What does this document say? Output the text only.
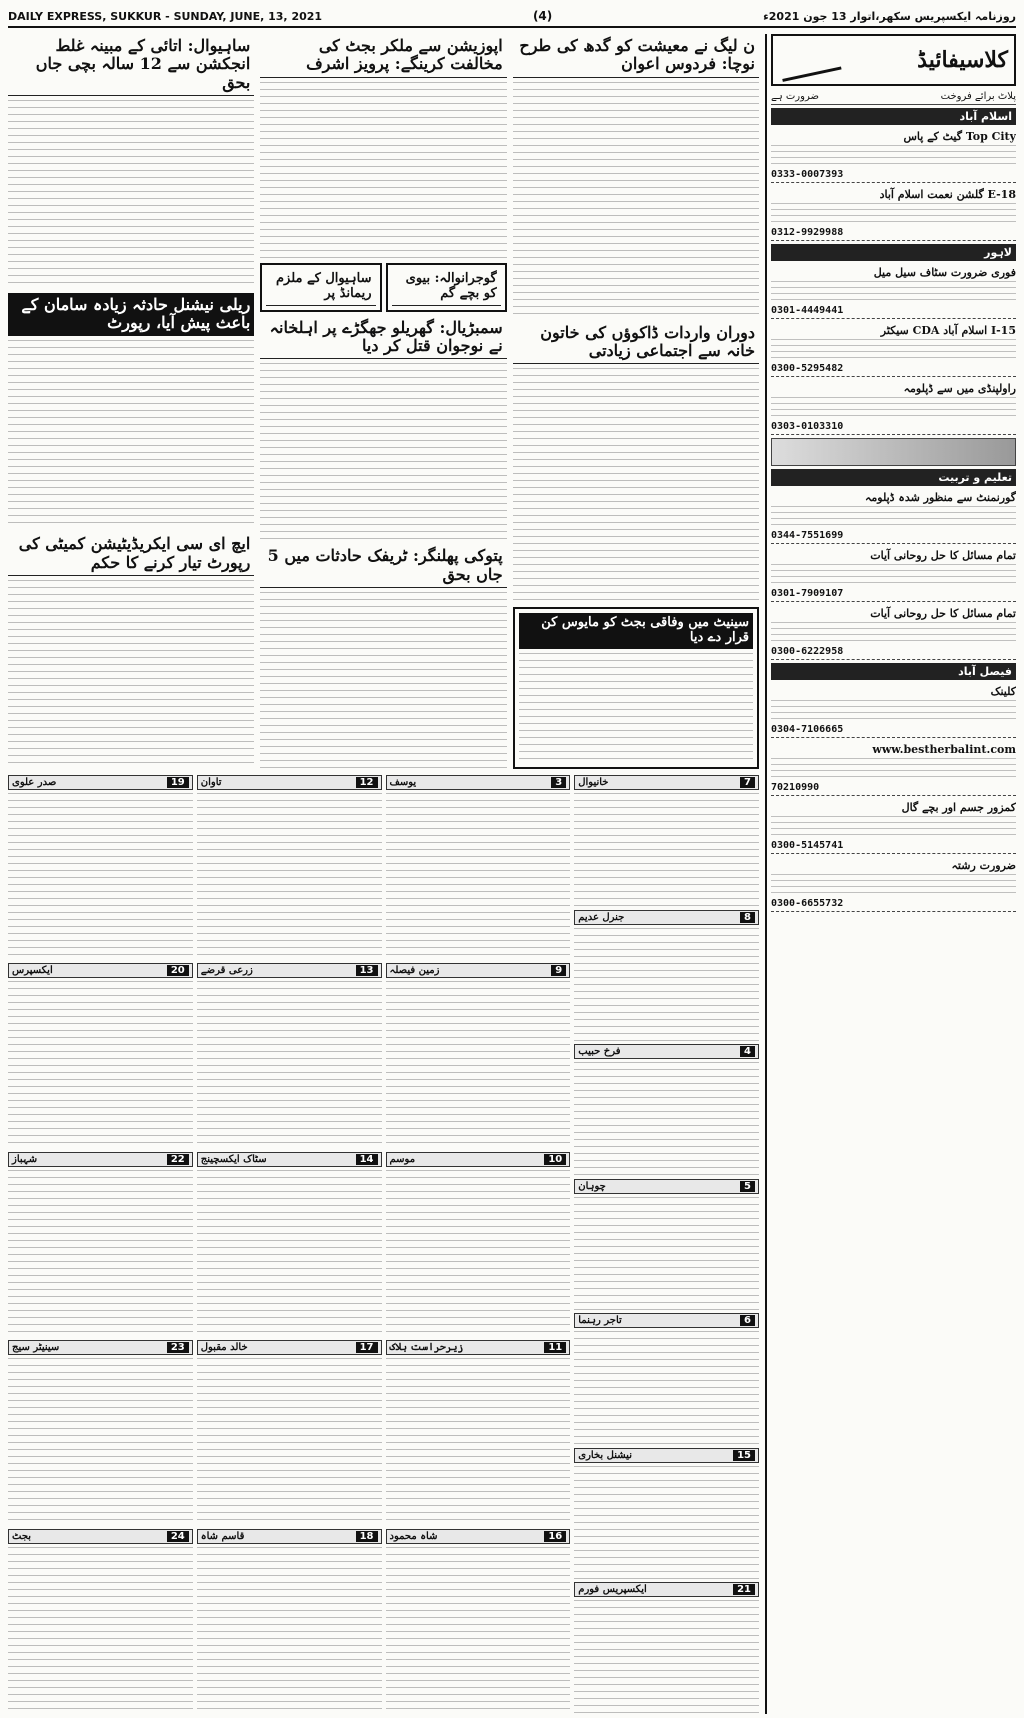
DAILY EXPRESS, SUKKUR - SUNDAY, JUNE, 13, 2021	(4)	روزنامہ ایکسپریس سکھر،اتوار 13 جون 2021ء
ساہیوال: اتائی کے مبینہ غلط انجکشن سے 12 سالہ بچی جاں بحق
ریلی نیشنل حادثہ زیادہ سامان کے باعث پیش آیا، رپورٹ
ایچ ای سی ایکریڈیٹیشن کمیٹی کی رپورٹ تیار کرنے کا حکم
اپوزیشن سے ملکر بجٹ کی مخالفت کرینگے: پرویز اشرف
ساہیوال کے ملزم ریمانڈ پر
گوجرانوالہ: بیوی کو بچے گم
سمبڑیال: گھریلو جھگڑے پر اہلخانہ نے نوجوان قتل کر دیا
پتوکی پھلنگر: ٹریفک حادثات میں 5 جاں بحق
ن لیگ نے معیشت کو گدھ کی طرح نوچا: فردوس اعوان
دوران واردات ڈاکوؤں کی خاتون خانہ سے اجتماعی زیادتی
سینیٹ میں وفاقی بجٹ کو مایوس کن قرار دے دیا
19
صدر علوی
20
ایکسپرس
22
شہباز
23
سینیٹر سیج
24
بجٹ
12
تاوان
13
زرعی قرضے
14
سٹاک ایکسچینج
17
خالد مقبول
18
قاسم شاہ
3
یوسف
9
زمین فیصلہ
10
موسم
11
زیرحراست ہلاک
16
شاہ محمود
7
خانیوال
8
جنرل عدیم
4
فرخ حبیب
5
چوہان
6
تاجر رہنما
15
نیشنل بخاری
21
ایکسپریس فورم
کلاسیفائیڈ
پلاٹ برائے فروخت
ضرورت ہے
اسلام آباد
Top City گیٹ کے پاس
0333-0007393
E-18 گلشن نعمت اسلام آباد
0312-9929988
لاہور
فوری ضرورت سٹاف سیل میل
0301-4449441
I-15 اسلام آباد CDA سیکٹر
0300-5295482
راولپنڈی میں سے ڈپلومہ
0303-0103310
تعلیم و تربیت
گورنمنٹ سے منظور شدہ ڈپلومہ
0344-7551699
تمام مسائل کا حل روحانی آیات
0301-7909107
تمام مسائل کا حل روحانی آیات
0300-6222958
فیصل آباد
کلینک
0304-7106665
www.bestherbalint.com
70210990
کمزور جسم اور بچے گال
0300-5145741
ضرورت رشتہ
0300-6655732
